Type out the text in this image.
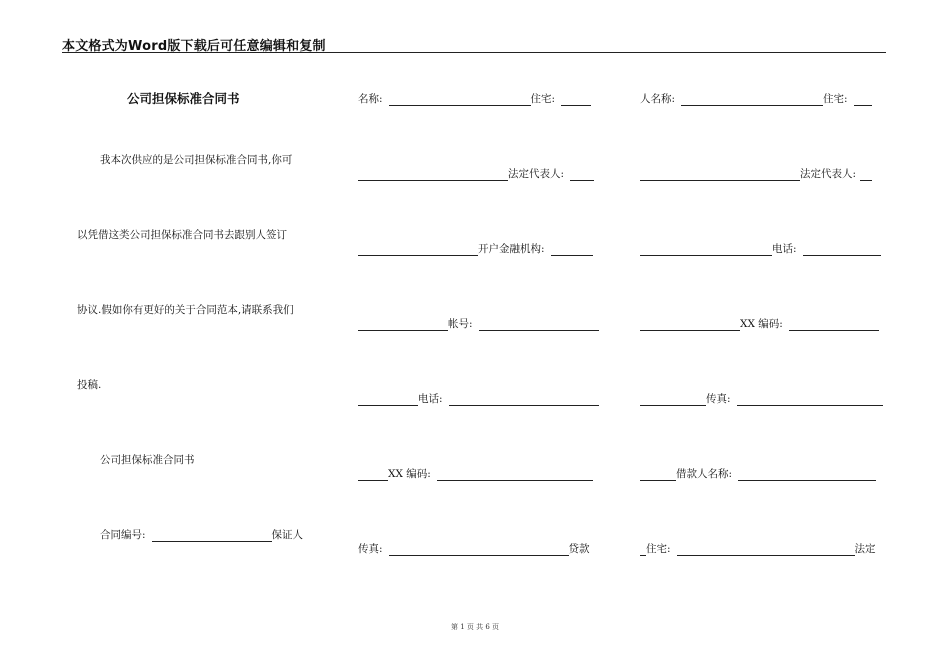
本文格式为Word版下载后可任意编辑和复制
公司担保标准合同书
我本次供应的是公司担保标准合同书,你可
以凭借这类公司担保标准合同书去跟别人签订
协议.假如你有更好的关于合同范本,请联系我们
投稿.
公司担保标准合同书
合同编号:	保证人
名称:	住宅:
法定代表人:
开户金融机构:
帐号:
电话:
XX 编码:
传真:	贷款
人名称:	住宅:
法定代表人:
电话:
XX 编码:
传真:
借款人名称:
住宅:	法定
第 1 页 共 6 页
